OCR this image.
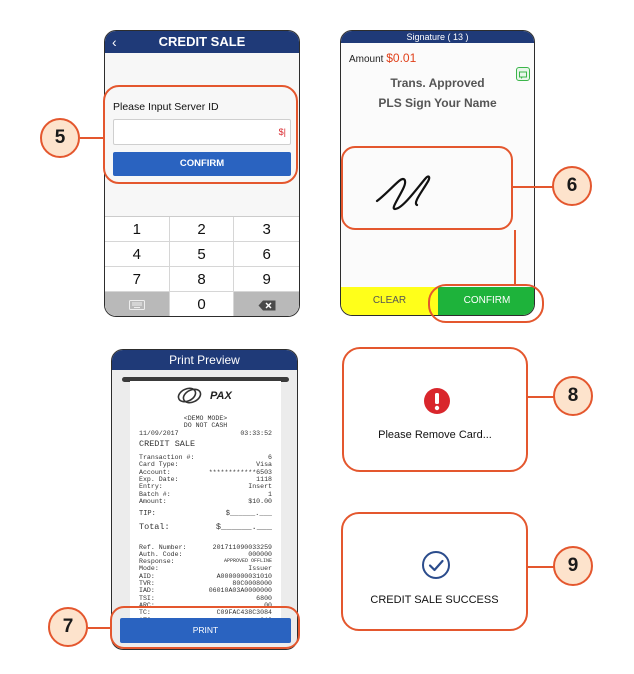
‹	CREDIT SALE
Please Input Server ID
$|
CONFIRM
1	2	3
4	5	6
7	8	9
0
5
Signature ( 13 )
Amount $0.01
Trans. Approved
PLS Sign Your Name
CLEAR	CONFIRM
6
Print Preview
PAX
<DEMO MODE>
DO NOT CASH
11/09/2017	03:33:52
CREDIT SALE
Transaction #:	6
Card Type:	Visa
Account:	************6503
Exp. Date:	1118
Entry:	Insert
Batch #:	1
Amount:	$10.00
TIP:	$______.___
Total:	$______.___
Ref. Number:	201711090033259
Auth. Code:	000000
Response:	APPROVED OFFLINE
Mode:	Issuer
AID:	A0000000031010
TVR:	80C0008000
IAD:	06010A03A0000000
TSI:	6800
ARC:	00
TC:	C09FAC438C3084
PRINT
7
Please Remove Card...
8
CREDIT SALE SUCCESS
9
